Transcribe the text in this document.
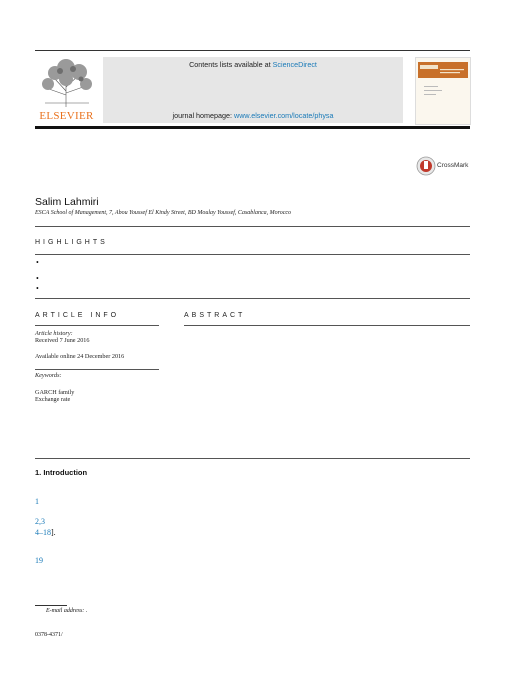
ELSEVIER
Contents lists available at ScienceDirect
journal homepage: www.elsevier.com/locate/physa
CrossMark
Salim Lahmiri
ESCA School of Management, 7, Abou Youssef El Kindy Street, BD Moulay Youssef, Casablanca, Morocco
HIGHLIGHTS
•
•
•
ARTICLE INFO	ABSTRACT
Article history:
Received 7 June 2016
Available online 24 December 2016
Keywords:
GARCH family
Exchange rate
1. Introduction
1
2,3
4–18].
19
E-mail address: .
0378-4371/
